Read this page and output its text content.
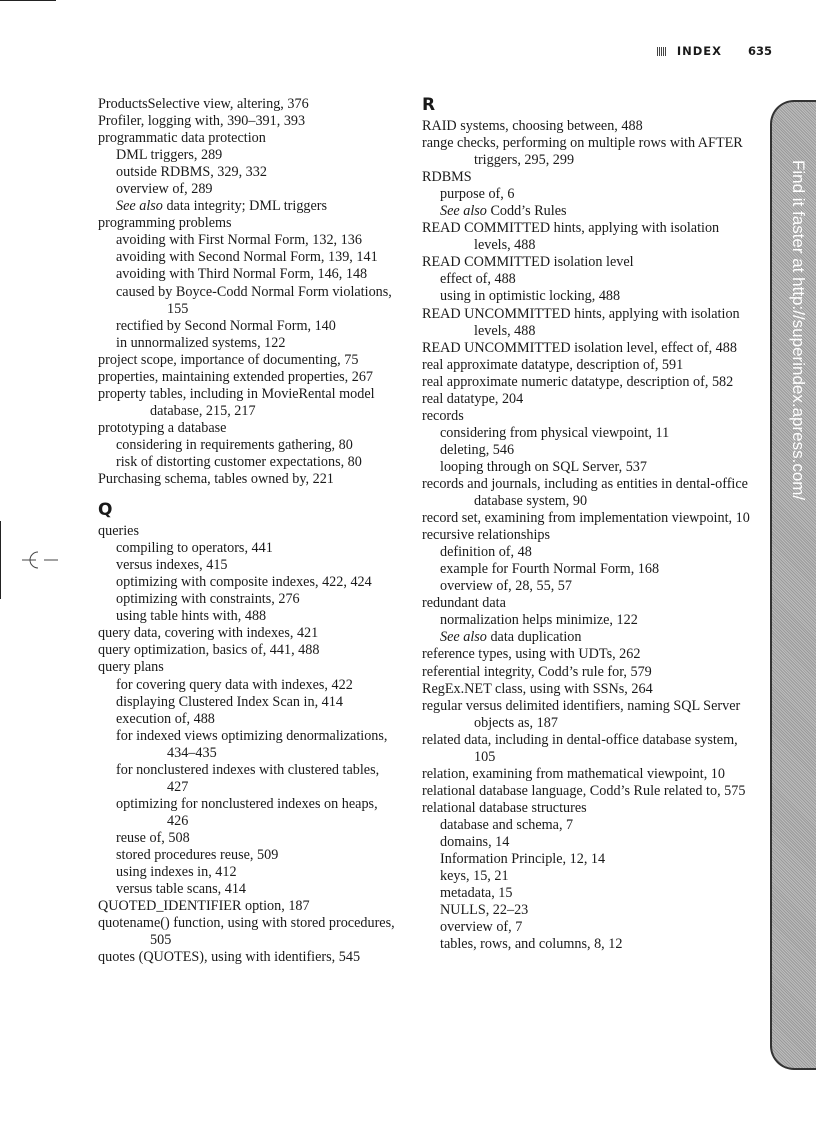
INDEX 635
ProductsSelective view, altering, 376
Profiler, logging with, 390–391, 393
programmatic data protection
DML triggers, 289
outside RDBMS, 329, 332
overview of, 289
See also data integrity; DML triggers
programming problems
avoiding with First Normal Form, 132, 136
avoiding with Second Normal Form, 139, 141
avoiding with Third Normal Form, 146, 148
caused by Boyce-Codd Normal Form violations, 155
rectified by Second Normal Form, 140
in unnormalized systems, 122
project scope, importance of documenting, 75
properties, maintaining extended properties, 267
property tables, including in MovieRental model database, 215, 217
prototyping a database
considering in requirements gathering, 80
risk of distorting customer expectations, 80
Purchasing schema, tables owned by, 221
Q
queries
compiling to operators, 441
versus indexes, 415
optimizing with composite indexes, 422, 424
optimizing with constraints, 276
using table hints with, 488
query data, covering with indexes, 421
query optimization, basics of, 441, 488
query plans
for covering query data with indexes, 422
displaying Clustered Index Scan in, 414
execution of, 488
for indexed views optimizing denormalizations, 434–435
for nonclustered indexes with clustered tables, 427
optimizing for nonclustered indexes on heaps, 426
reuse of, 508
stored procedures reuse, 509
using indexes in, 412
versus table scans, 414
QUOTED_IDENTIFIER option, 187
quotename() function, using with stored procedures, 505
quotes (QUOTES), using with identifiers, 545
R
RAID systems, choosing between, 488
range checks, performing on multiple rows with AFTER triggers, 295, 299
RDBMS
purpose of, 6
See also Codd’s Rules
READ COMMITTED hints, applying with isolation levels, 488
READ COMMITTED isolation level
effect of, 488
using in optimistic locking, 488
READ UNCOMMITTED hints, applying with isolation levels, 488
READ UNCOMMITTED isolation level, effect of, 488
real approximate datatype, description of, 591
real approximate numeric datatype, description of, 582
real datatype, 204
records
considering from physical viewpoint, 11
deleting, 546
looping through on SQL Server, 537
records and journals, including as entities in dental-office database system, 90
record set, examining from implementation viewpoint, 10
recursive relationships
definition of, 48
example for Fourth Normal Form, 168
overview of, 28, 55, 57
redundant data
normalization helps minimize, 122
See also data duplication
reference types, using with UDTs, 262
referential integrity, Codd’s rule for, 579
RegEx.NET class, using with SSNs, 264
regular versus delimited identifiers, naming SQL Server objects as, 187
related data, including in dental-office database system, 105
relation, examining from mathematical viewpoint, 10
relational database language, Codd’s Rule related to, 575
relational database structures
database and schema, 7
domains, 14
Information Principle, 12, 14
keys, 15, 21
metadata, 15
NULLS, 22–23
overview of, 7
tables, rows, and columns, 8, 12
Find it faster at http://superindex.apress.com/
